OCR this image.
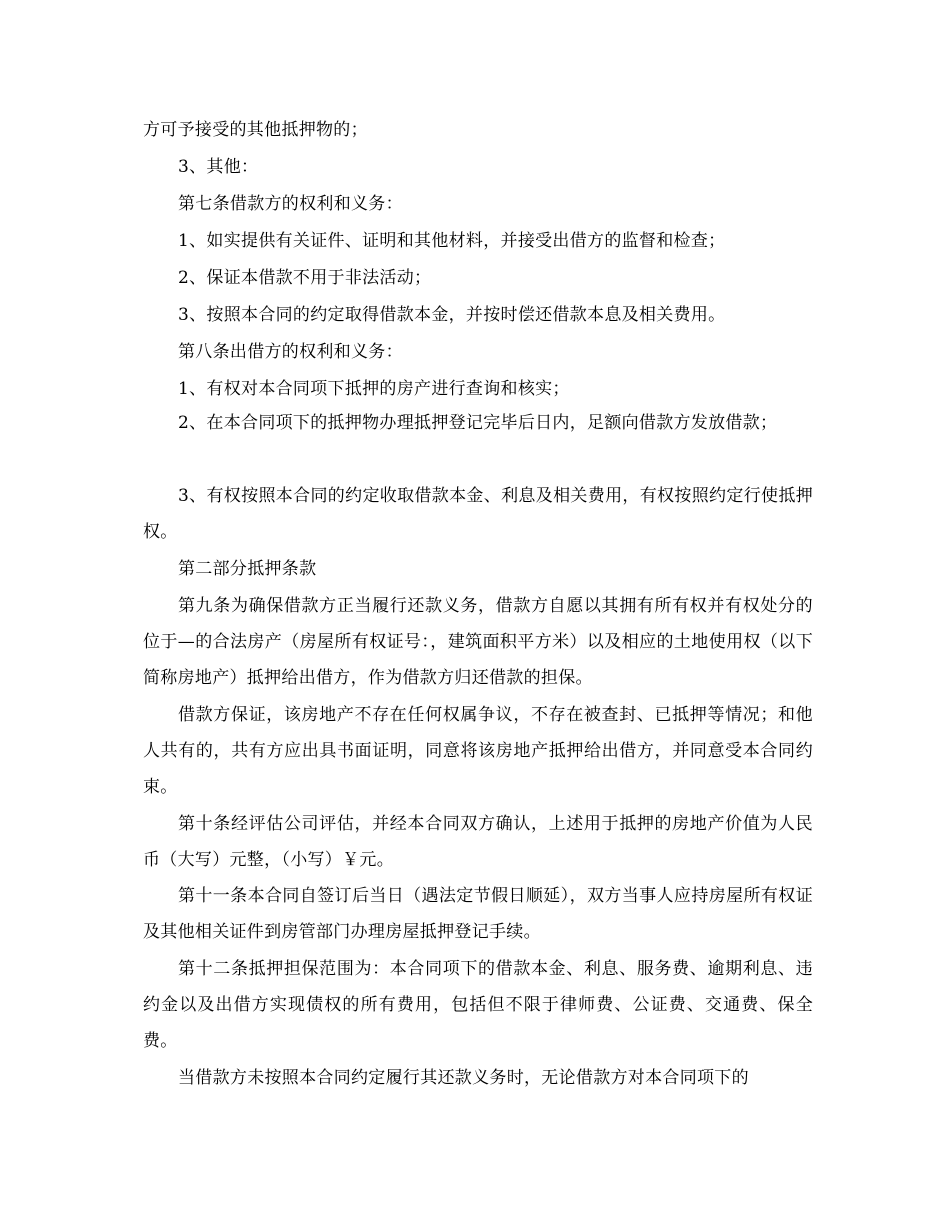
方可予接受的其他抵押物的；

3、其他：

第七条借款方的权利和义务：

1、如实提供有关证件、证明和其他材料，并接受出借方的监督和检查；

2、保证本借款不用于非法活动；

3、按照本合同的约定取得借款本金，并按时偿还借款本息及相关费用。

第八条出借方的权利和义务：

1、有权对本合同项下抵押的房产进行查询和核实；

2、在本合同项下的抵押物办理抵押登记完毕后日内，足额向借款方发放借款；

3、有权按照本合同的约定收取借款本金、利息及相关费用，有权按照约定行使抵押权。

第二部分抵押条款

第九条为确保借款方正当履行还款义务，借款方自愿以其拥有所有权并有权处分的位于—的合法房产（房屋所有权证号：，建筑面积平方米）以及相应的土地使用权（以下简称房地产）抵押给出借方，作为借款方归还借款的担保。

借款方保证，该房地产不存在任何权属争议，不存在被查封、已抵押等情况；和他人共有的，共有方应出具书面证明，同意将该房地产抵押给出借方，并同意受本合同约束。

第十条经评估公司评估，并经本合同双方确认，上述用于抵押的房地产价值为人民币（大写）元整，（小写）￥元。

第十一条本合同自签订后当日（遇法定节假日顺延），双方当事人应持房屋所有权证及其他相关证件到房管部门办理房屋抵押登记手续。

第十二条抵押担保范围为：本合同项下的借款本金、利息、服务费、逾期利息、违约金以及出借方实现债权的所有费用，包括但不限于律师费、公证费、交通费、保全费。

当借款方未按照本合同约定履行其还款义务时，无论借款方对本合同项下的
